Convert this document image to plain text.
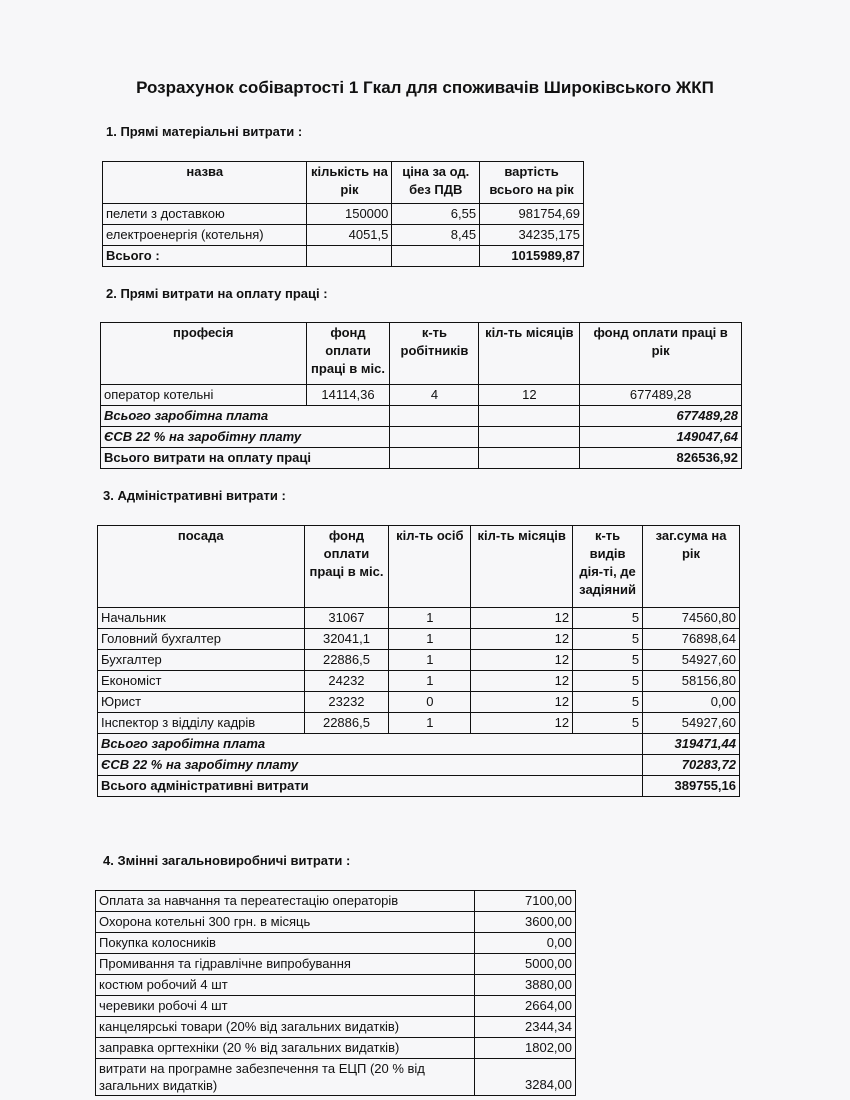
Розрахунок собівартості 1 Гкал для споживачів Широківського ЖКП
1. Прямі матеріальні витрати :
назва	кількість на рік	ціна за од. без ПДВ	вартість всього на рік
пелети з доставкою	150000	6,55	981754,69
електроенергія (котельня)	4051,5	8,45	34235,175
Всього :			1015989,87
2. Прямі витрати на оплату праці :
професія	фонд оплати праці в міс.	к-ть робітників	кіл-ть місяців	фонд оплати праці в рік
оператор котельні	14114,36	4	12	677489,28
Всього заробітна плата				677489,28
ЄСВ 22 % на заробітну плату				149047,64
Всього витрати на оплату праці				826536,92
3. Адміністративні витрати :
посада	фонд оплати праці в міс.	кіл-ть осіб	кіл-ть місяців	к-ть видів дія-ті, де задіяний	заг.сума на рік
Начальник	31067	1	12	5	74560,80
Головний бухгалтер	32041,1	1	12	5	76898,64
Бухгалтер	22886,5	1	12	5	54927,60
Економіст	24232	1	12	5	58156,80
Юрист	23232	0	12	5	0,00
Інспектор з відділу кадрів	22886,5	1	12	5	54927,60
Всього заробітна плата					319471,44
ЄСВ 22 % на заробітну плату					70283,72
Всього адміністративні витрати					389755,16
4. Змінні загальновиробничі витрати :
Оплата за навчання та переатестацію операторів	7100,00
Охорона котельні 300 грн. в місяць	3600,00
Покупка колосників	0,00
Промивання та гідравлічне випробування	5000,00
костюм робочий 4 шт	3880,00
черевики робочі 4 шт	2664,00
канцелярські товари (20% від загальних видатків)	2344,34
заправка оргтехніки (20 % від загальних видатків)	1802,00
витрати на програмне забезпечення та ЕЦП (20 % від загальних видатків)	3284,00
